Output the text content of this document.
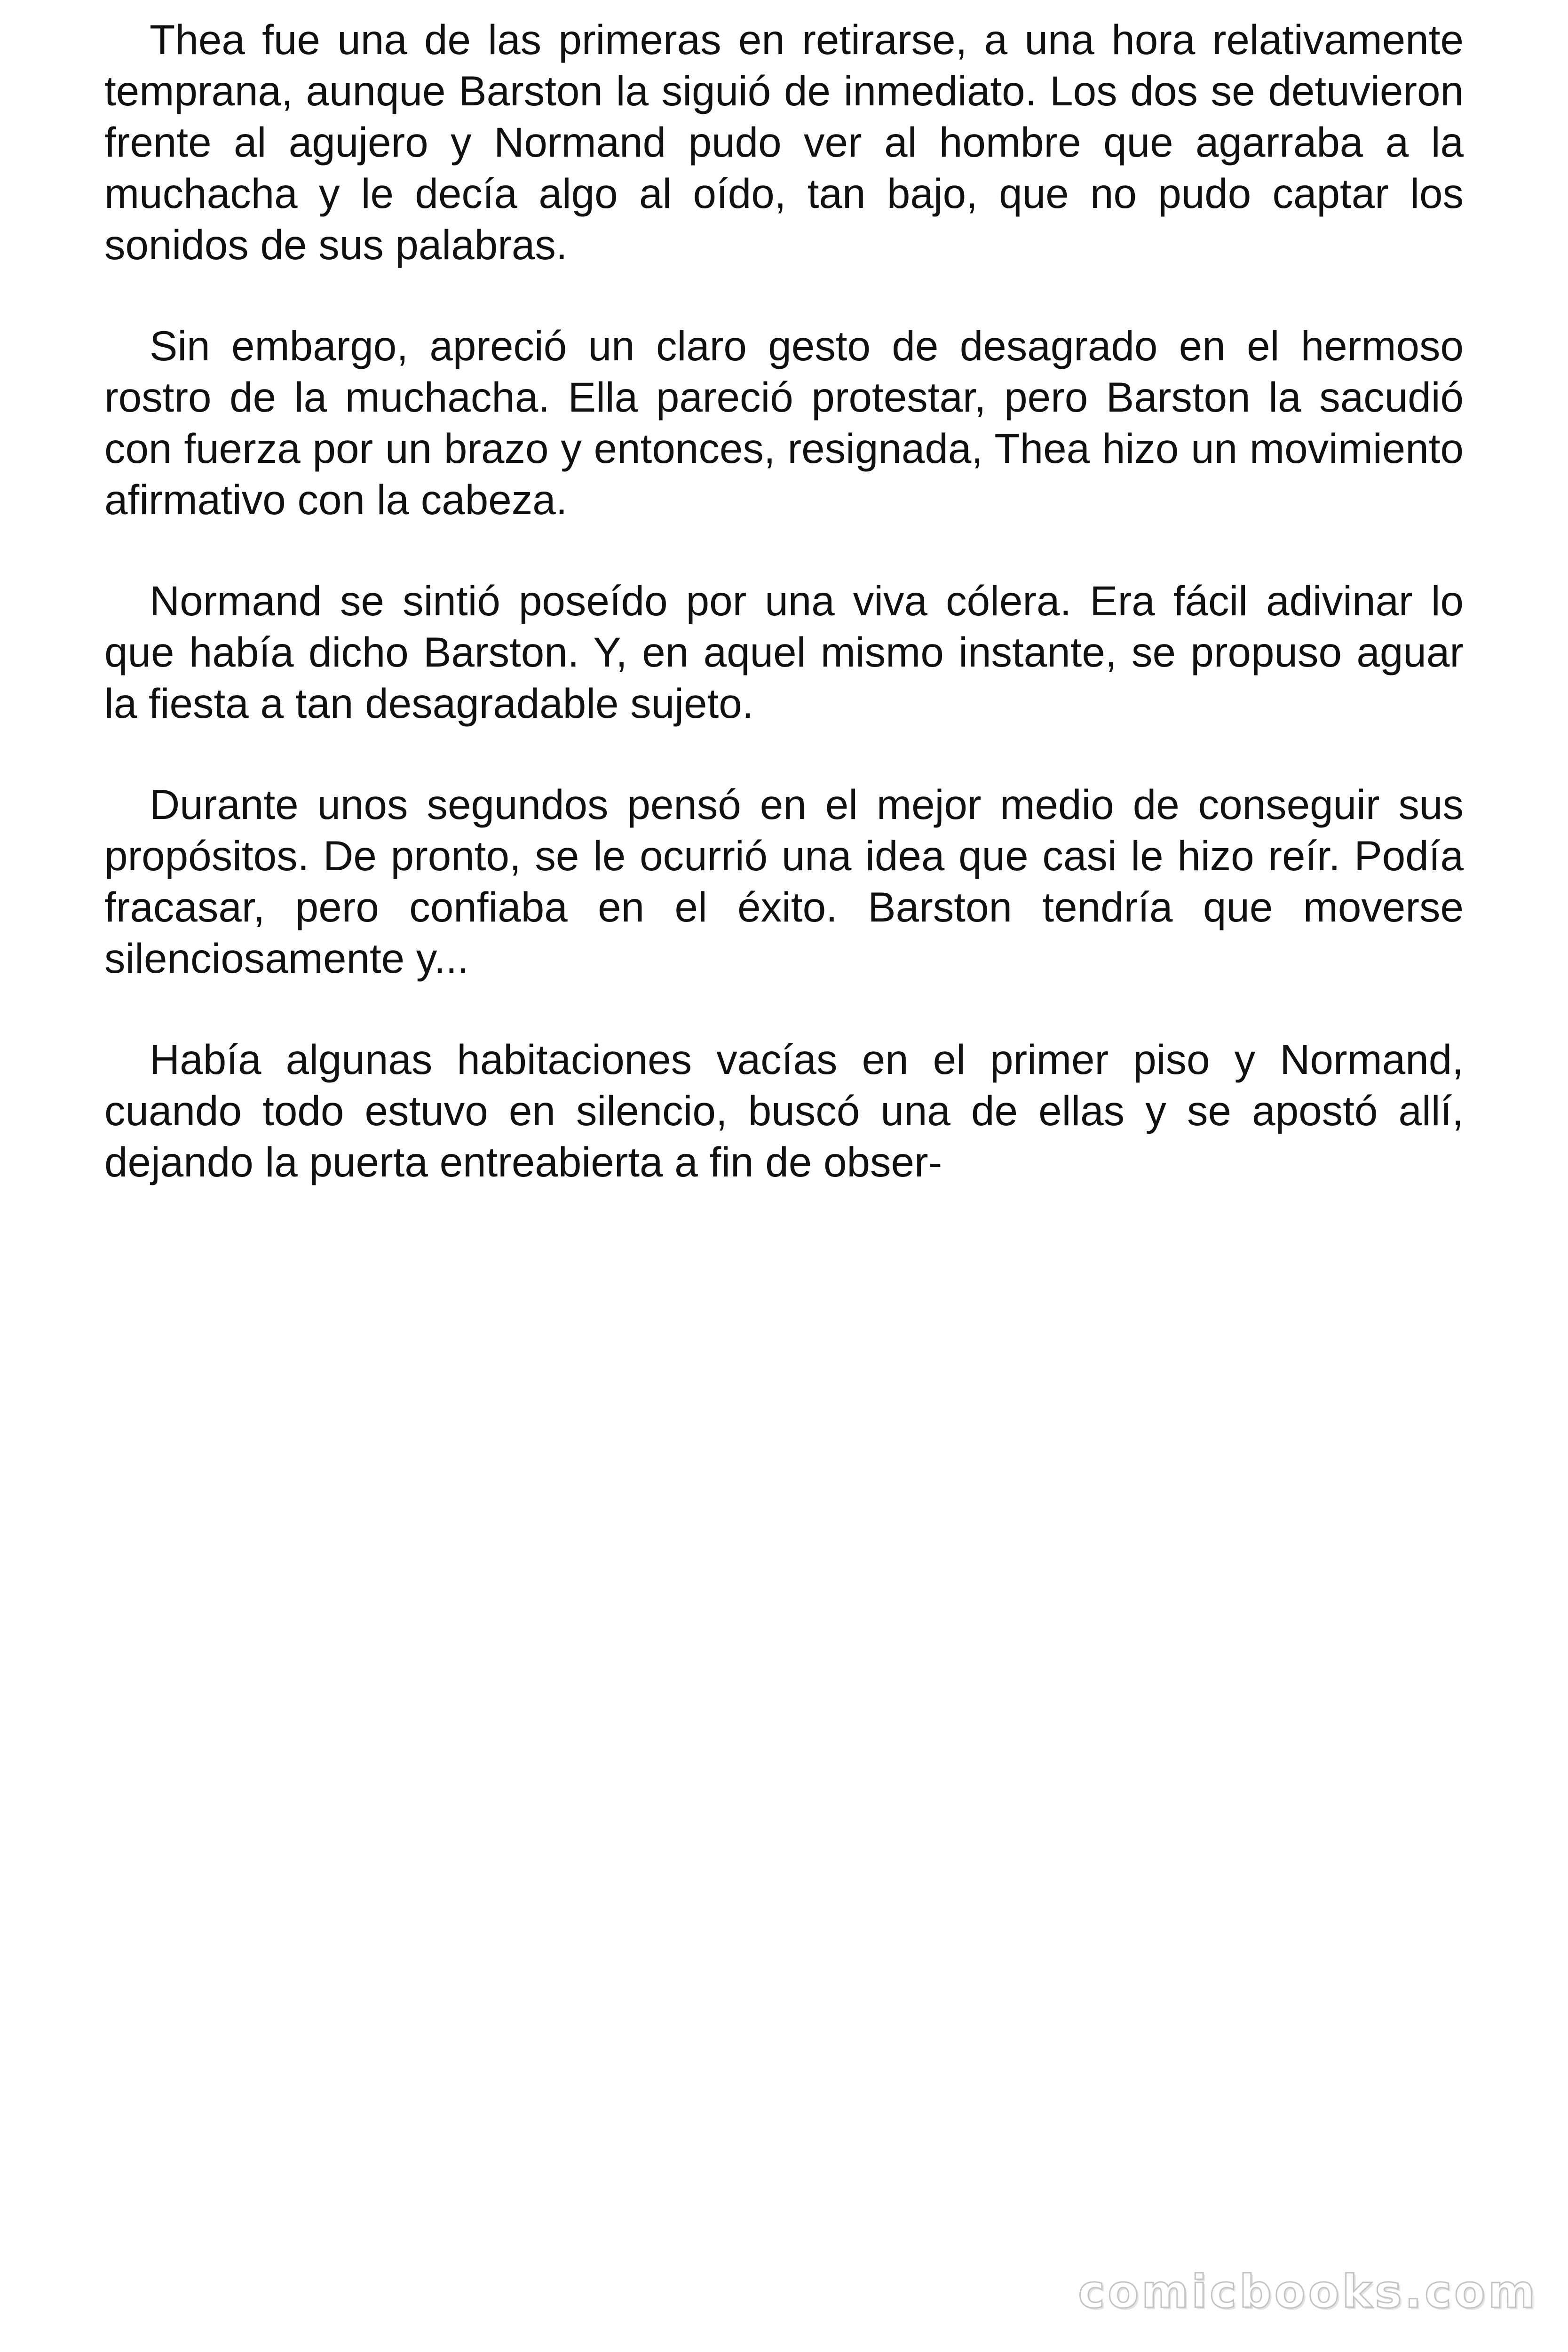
Thea fue una de las primeras en retirarse, a una hora relativamente temprana, aunque Barston la siguió de inmediato. Los dos se detuvieron frente al agujero y Normand pudo ver al hombre que agarraba a la muchacha y le decía algo al oído, tan bajo, que no pudo captar los sonidos de sus palabras.

Sin embargo, apreció un claro gesto de desagrado en el hermoso rostro de la muchacha. Ella pareció protestar, pero Barston la sacudió con fuerza por un brazo y entonces, resignada, Thea hizo un movimiento afirmativo con la cabeza.

Normand se sintió poseído por una viva cólera. Era fácil adivinar lo que había dicho Barston. Y, en aquel mismo instante, se propuso aguar la fiesta a tan desagradable sujeto.

Durante unos segundos pensó en el mejor medio de conseguir sus propósitos. De pronto, se le ocurrió una idea que casi le hizo reír. Podía fracasar, pero confiaba en el éxito. Barston tendría que moverse silenciosamente y...

Había algunas habitaciones vacías en el primer piso y Normand, cuando todo estuvo en silencio, buscó una de ellas y se apostó allí, dejando la puerta entreabierta a fin de obser-

comicbooks.com
